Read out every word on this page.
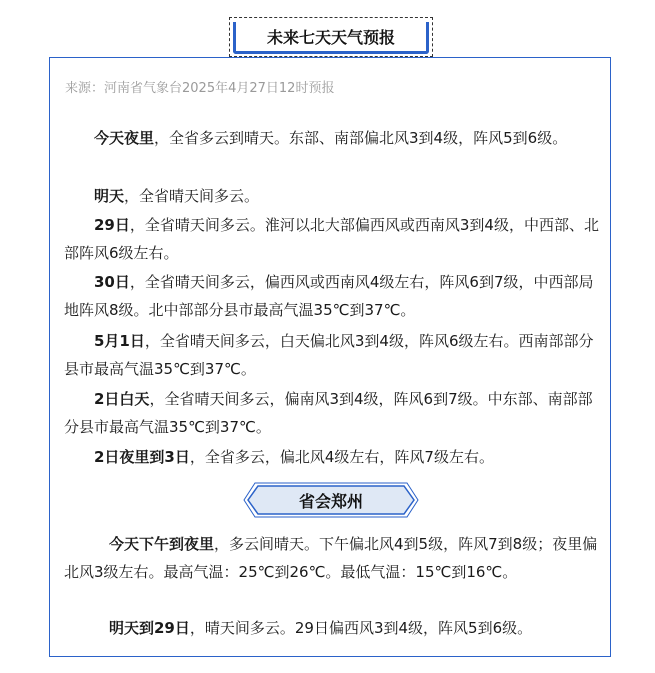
未来七天天气预报
来源：河南省气象台2025年4月27日12时预报
今天夜里，全省多云到晴天。东部、南部偏北风3到4级，阵风5到6级。
明天，全省晴天间多云。
29日，全省晴天间多云。淮河以北大部偏西风或西南风3到4级，中西部、北部阵风6级左右。
30日，全省晴天间多云，偏西风或西南风4级左右，阵风6到7级，中西部局地阵风8级。北中部部分县市最高气温35℃到37℃。
5月1日，全省晴天间多云，白天偏北风3到4级，阵风6级左右。西南部部分县市最高气温35℃到37℃。
2日白天，全省晴天间多云，偏南风3到4级，阵风6到7级。中东部、南部部分县市最高气温35℃到37℃。
2日夜里到3日，全省多云，偏北风4级左右，阵风7级左右。
省会郑州
今天下午到夜里，多云间晴天。下午偏北风4到5级，阵风7到8级；夜里偏北风3级左右。最高气温：25℃到26℃。最低气温：15℃到16℃。
明天到29日，晴天间多云。29日偏西风3到4级，阵风5到6级。
